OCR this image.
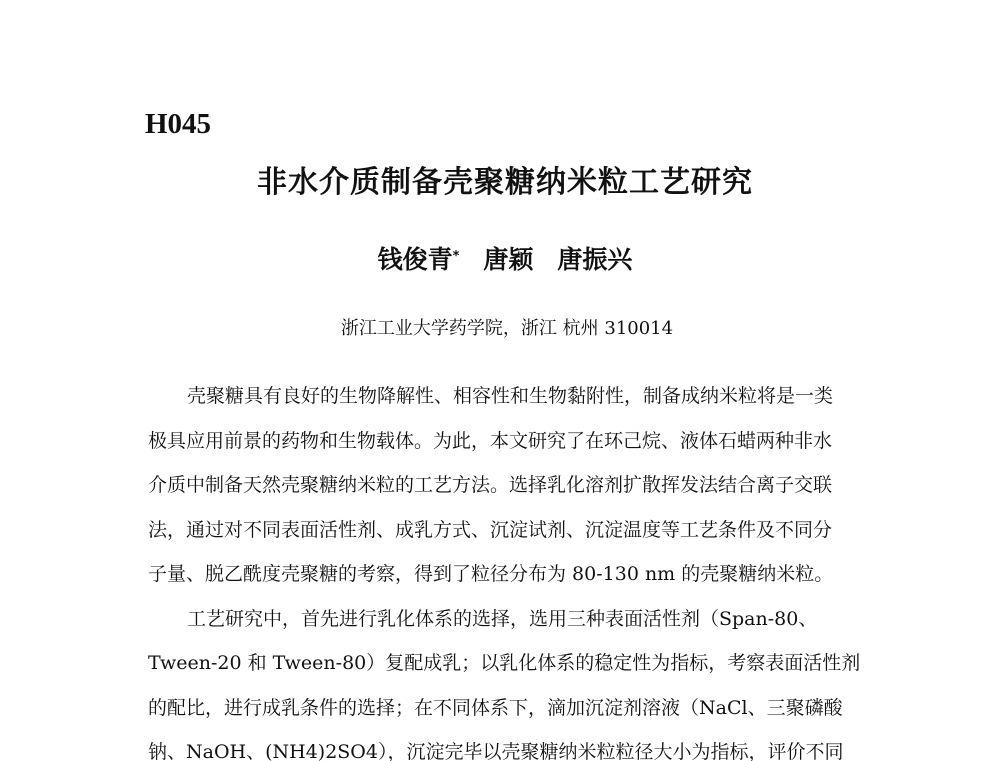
H045
非水介质制备壳聚糖纳米粒工艺研究
钱俊青* 唐颖 唐振兴
浙江工业大学药学院，浙江 杭州 310014
壳聚糖具有良好的生物降解性、相容性和生物黏附性，制备成纳米粒将是一类
极具应用前景的药物和生物载体。为此，本文研究了在环己烷、液体石蜡两种非水
介质中制备天然壳聚糖纳米粒的工艺方法。选择乳化溶剂扩散挥发法结合离子交联
法，通过对不同表面活性剂、成乳方式、沉淀试剂、沉淀温度等工艺条件及不同分
子量、脱乙酰度壳聚糖的考察，得到了粒径分布为 80-130 nm 的壳聚糖纳米粒。
工艺研究中，首先进行乳化体系的选择，选用三种表面活性剂（Span-80、
Tween-20 和 Tween-80）复配成乳；以乳化体系的稳定性为指标，考察表面活性剂
的配比，进行成乳条件的选择；在不同体系下，滴加沉淀剂溶液（NaCl、三聚磷酸
钠、NaOH、(NH4)2SO4），沉淀完毕以壳聚糖纳米粒粒径大小为指标，评价不同
